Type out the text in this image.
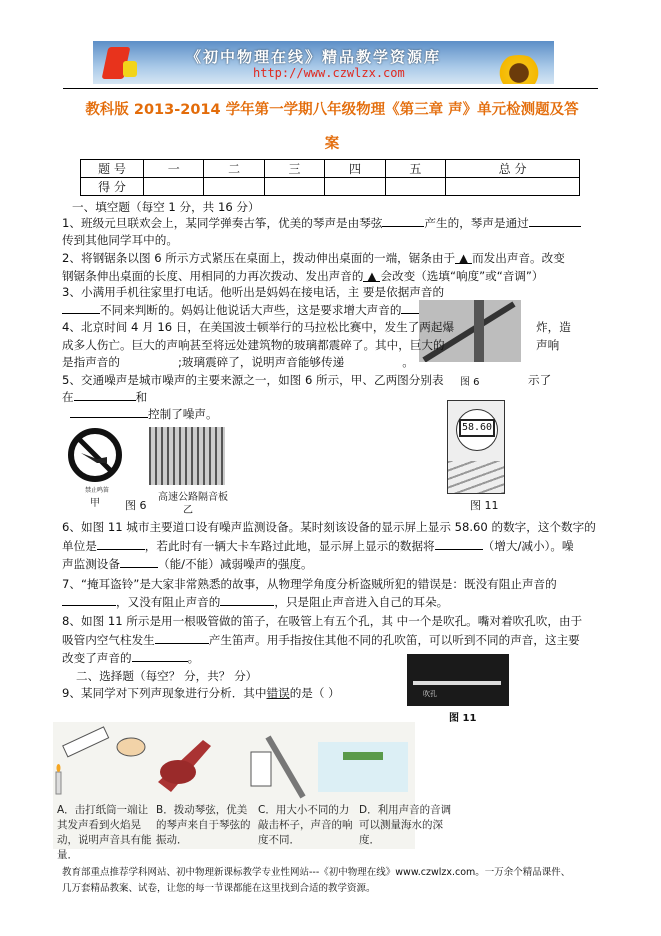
《初中物理在线》精品教学资源库
http://www.czwlzx.com
教科版 2013-2014 学年第一学期八年级物理《第三章 声》单元检测题及答
案
题 号	一	二	三	四	五	总 分
得 分						
一、填空题（每空 1 分，共 16 分）
1、班级元旦联欢会上，某同学弹奏古筝，优美的琴声是由琴弦	产生的，琴声是通过
传到其他同学耳中的。
2、将钢锯条以图 6 所示方式紧压在桌面上，拨动伸出桌面的一端，锯条由于 ▲ 而发出声音。改变
钢锯条伸出桌面的长度、用相同的力再次拨动、发出声音的 ▲ 会改变（选填“响度”或“音调”）
3、小满用手机往家里打电话。他听出是妈妈在接电话，主 要是依据声音的
不同来判断的。妈妈让他说话大声些，这是要求增大声音的
4、北京时间 4 月 16 日，在美国波士顿举行的马拉松比赛中，发生了两起爆	炸，造
成多人伤亡。巨大的声响甚至将远处建筑物的玻璃都震碎了。其中，巨大的	声响
是指声音的	;玻璃震碎了，说明声音能够传递	。
5、交通噪声是城市噪声的主要来源之一，如图 6 所示，甲、乙两图分别表	示了
图 6
在	和
控制了噪声。
禁止鸣笛
甲 图 6
高速公路隔音板
乙
58.60
图 11
6、如图 11 城市主要道口设有噪声监测设备。某时刻该设备的显示屏上显示 58.60 的数字，这个数字的
单位是	，若此时有一辆大卡车路过此地，显示屏上显示的数据将	（增大/减小）。噪
声监测设备	（能/不能）减弱噪声的强度。
7、“掩耳盗铃”是大家非常熟悉的故事，从物理学角度分析盗贼所犯的错误是：既没有阻止声音的
，又没有阻止声音的	，只是阻止声音进入自己的耳朵。
8、如图 11 所示是用一根吸管做的笛子，在吸管上有五个孔，其 中一个是吹孔。嘴对着吹孔吹，由于
吸管内空气柱发生	产生笛声。用手指按住其他不同的孔吹笛，可以听到不同的声音，这主要
改变了声音的	。
吹孔
图 11
二、选择题（每空？ 分，共？ 分）
9、某同学对下列声现象进行分析．其中错误的是（ ）
A．击打纸筒一端让其发声看到火焰晃动，说明声音具有能量．
B．拨动琴弦，优美的琴声来自于琴弦的振动．
C．用大小不同的力敲击杯子，声音的响度不同．
D．利用声音的音调可以测量海水的深度．
教育部重点推荐学科网站、初中物理新课标教学专业性网站---《初中物理在线》www.czwlzx.com。一万余个精品课件、
几万套精品教案、试卷，让您的每一节课都能在这里找到合适的教学资源。
